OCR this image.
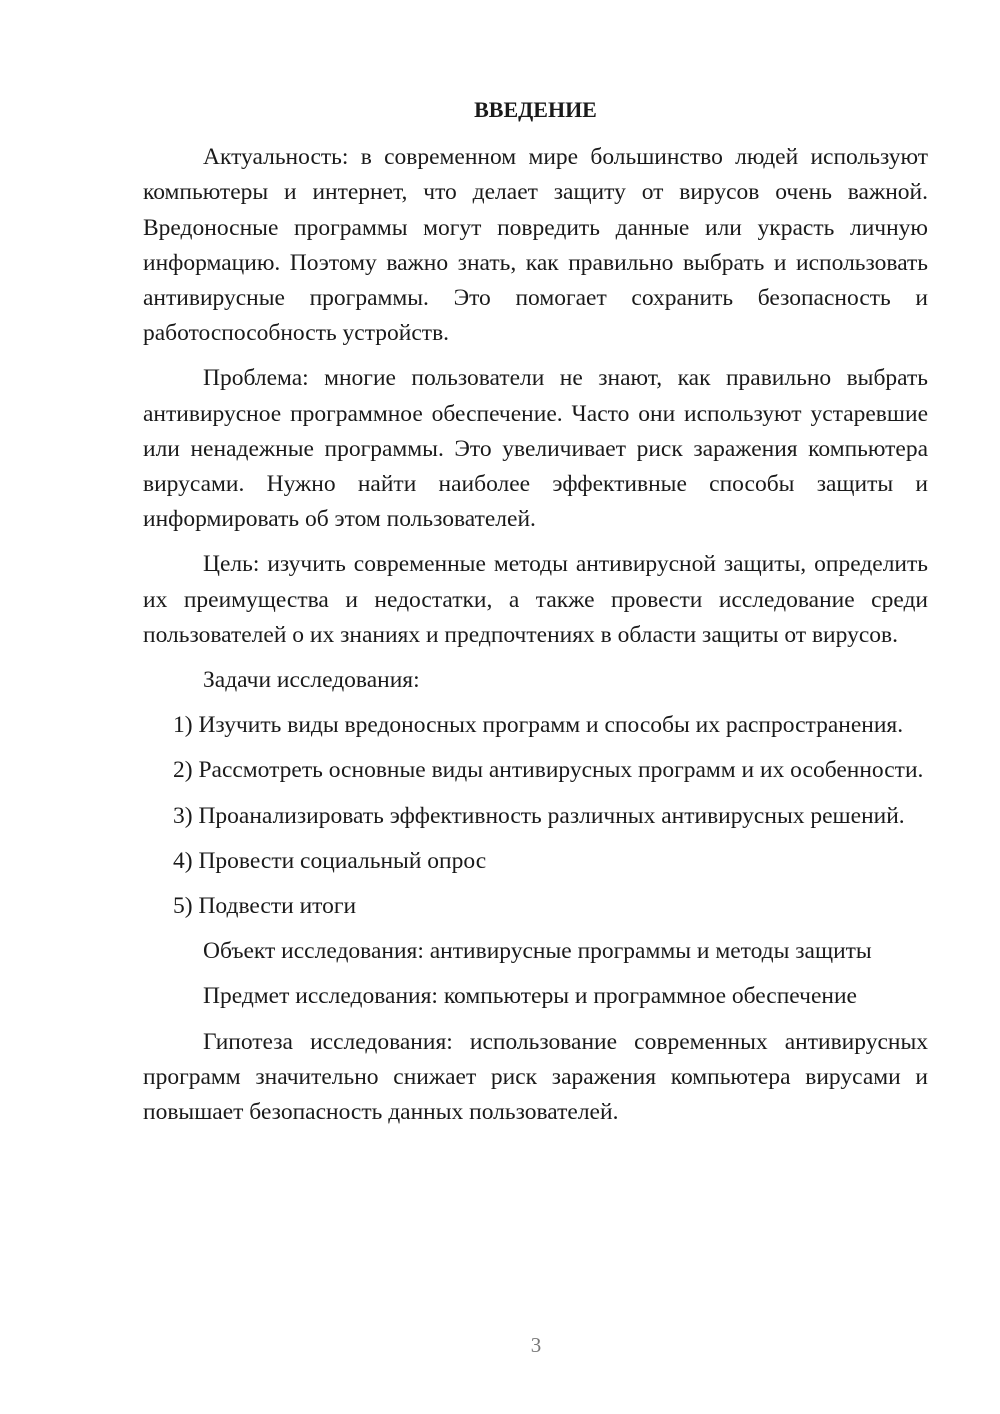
ВВЕДЕНИЕ

Актуальность: в современном мире большинство людей используют компьютеры и интернет, что делает защиту от вирусов очень важной. Вредоносные программы могут повредить данные или украсть личную информацию. Поэтому важно знать, как правильно выбрать и использовать антивирусные программы. Это помогает сохранить безопасность и работоспособность устройств.

Проблема: многие пользователи не знают, как правильно выбрать антивирусное программное обеспечение. Часто они используют устаревшие или ненадежные программы. Это увеличивает риск заражения компьютера вирусами. Нужно найти наиболее эффективные способы защиты и информировать об этом пользователей.

Цель: изучить современные методы антивирусной защиты, определить их преимущества и недостатки, а также провести исследование среди пользователей о их знаниях и предпочтениях в области защиты от вирусов.

Задачи исследования:

1) Изучить виды вредоносных программ и способы их распространения.

2) Рассмотреть основные виды антивирусных программ и их особенности.

3) Проанализировать эффективность различных антивирусных решений.

4) Провести социальный опрос

5) Подвести итоги

Объект исследования: антивирусные программы и методы защиты

Предмет исследования: компьютеры и программное обеспечение

Гипотеза исследования: использование современных антивирусных программ значительно снижает риск заражения компьютера вирусами и повышает безопасность данных пользователей.

3
